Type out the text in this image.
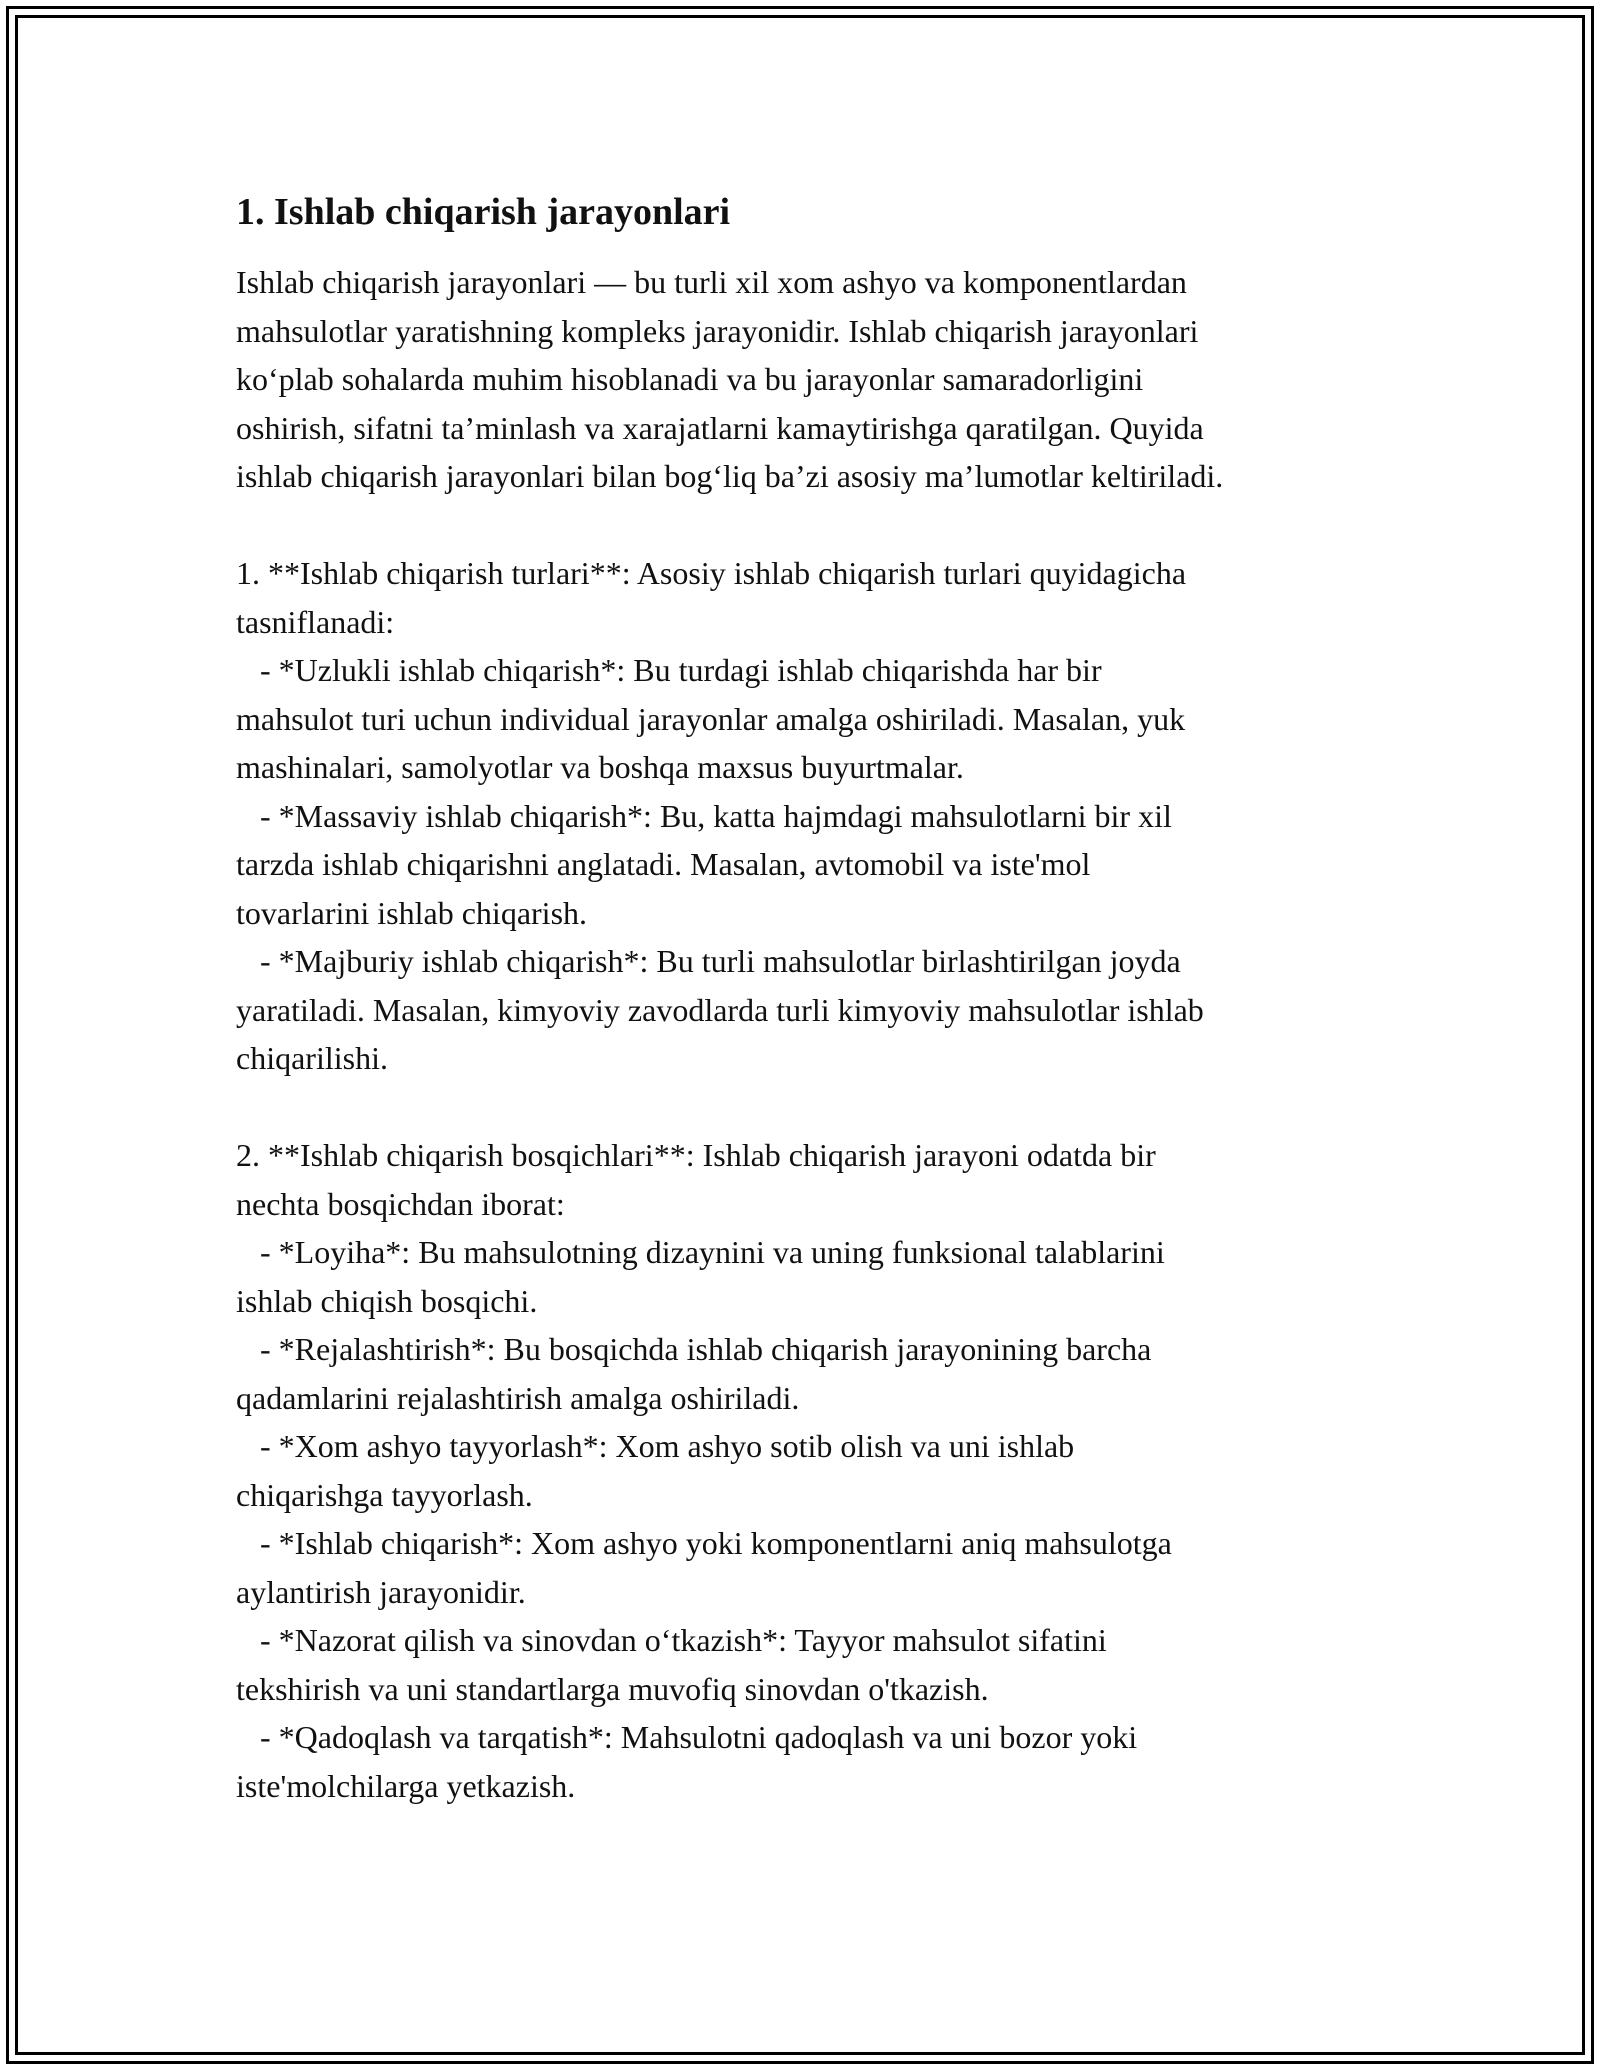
1. Ishlab chiqarish jarayonlari
Ishlab chiqarish jarayonlari — bu turli xil xom ashyo va komponentlardan
mahsulotlar yaratishning kompleks jarayonidir. Ishlab chiqarish jarayonlari
ko‘plab sohalarda muhim hisoblanadi va bu jarayonlar samaradorligini
oshirish, sifatni ta’minlash va xarajatlarni kamaytirishga qaratilgan. Quyida
ishlab chiqarish jarayonlari bilan bog‘liq ba’zi asosiy ma’lumotlar keltiriladi.
1. **Ishlab chiqarish turlari**: Asosiy ishlab chiqarish turlari quyidagicha
tasniflanadi:
- *Uzlukli ishlab chiqarish*: Bu turdagi ishlab chiqarishda har bir
mahsulot turi uchun individual jarayonlar amalga oshiriladi. Masalan, yuk
mashinalari, samolyotlar va boshqa maxsus buyurtmalar.
- *Massaviy ishlab chiqarish*: Bu, katta hajmdagi mahsulotlarni bir xil
tarzda ishlab chiqarishni anglatadi. Masalan, avtomobil va iste'mol
tovarlarini ishlab chiqarish.
- *Majburiy ishlab chiqarish*: Bu turli mahsulotlar birlashtirilgan joyda
yaratiladi. Masalan, kimyoviy zavodlarda turli kimyoviy mahsulotlar ishlab
chiqarilishi.
2. **Ishlab chiqarish bosqichlari**: Ishlab chiqarish jarayoni odatda bir
nechta bosqichdan iborat:
- *Loyiha*: Bu mahsulotning dizaynini va uning funksional talablarini
ishlab chiqish bosqichi.
- *Rejalashtirish*: Bu bosqichda ishlab chiqarish jarayonining barcha
qadamlarini rejalashtirish amalga oshiriladi.
- *Xom ashyo tayyorlash*: Xom ashyo sotib olish va uni ishlab
chiqarishga tayyorlash.
- *Ishlab chiqarish*: Xom ashyo yoki komponentlarni aniq mahsulotga
aylantirish jarayonidir.
- *Nazorat qilish va sinovdan o‘tkazish*: Tayyor mahsulot sifatini
tekshirish va uni standartlarga muvofiq sinovdan o'tkazish.
- *Qadoqlash va tarqatish*: Mahsulotni qadoqlash va uni bozor yoki
iste'molchilarga yetkazish.
